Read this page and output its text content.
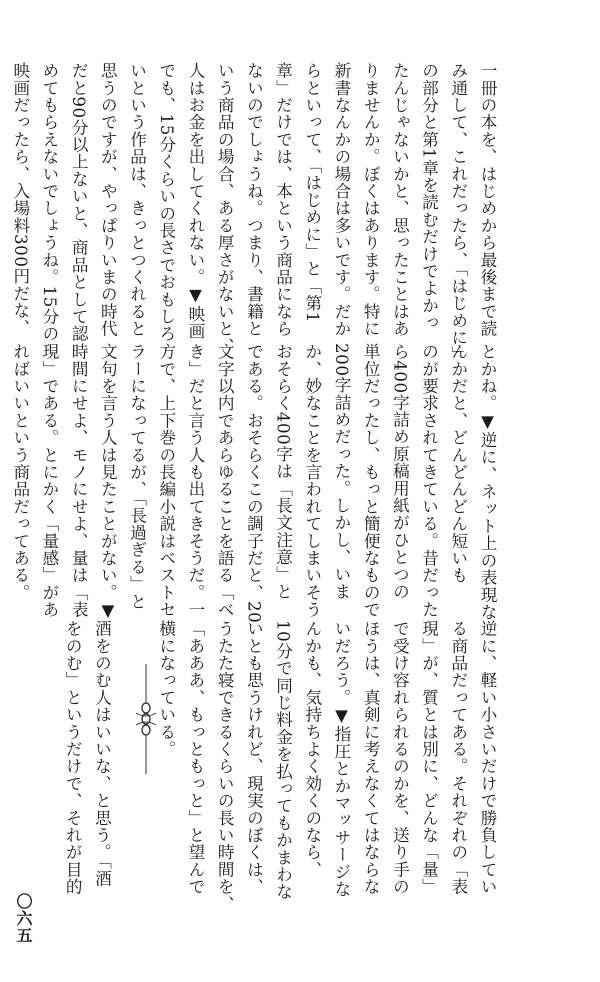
一冊の本を、はじめから最後まで読
み通して、これだったら、「はじめに」
の部分と第1章を読むだけでよかっ
たんじゃないかと、思ったことはあ
りませんか。ぼくはあります。特に
新書なんかの場合は多いです。だか
らといって、「はじめに」と「第1
章」だけでは、本という商品になら
ないのでしょうね。つまり、書籍と
いう商品の場合、ある厚さがないと、
人はお金を出してくれない。▼映画
でも、15分くらいの長さでおもしろ
いという作品は、きっとつくれると
思うのですが、やっぱりいまの時代
だと90分以上ないと、商品として認
めてもらえないでしょうね。15分の
映画だったら、入場料300円だな、
とかね。▼逆に、ネット上の表現な
んかだと、どんどんどん短いも
のが要求されてきている。昔だった
ら400字詰め原稿用紙がひとつの
単位だったし、もっと簡便なもので
200字詰めだった。しかし、いま
か、妙なことを言われてしまいそう
おそらく400字は「長文注意」と
である。おそらくこの調子だと、20
文字以内であらゆることを語る「べ
き」だと言う人も出てきそうだ。一
方で、上下巻の長編小説はベストセ
ラーになってるが、「長過ぎる」と
文句を言う人は見たことがない。▼
時間にせよ、モノにせよ、量は「表
現」である。とにかく「量感」があ
ればいいという商品だってある。
逆に、軽い小さいだけで勝負してい
る商品だってある。それぞれの「表
現」が、質とは別に、どんな「量」
で受け容れられるのかを、送り手の
ほうは、真剣に考えなくてはならな
いだろう。▼指圧とかマッサージな
んかも、気持ちよく効くのなら、
10分で同じ料金を払ってもかまわな
いとも思うけれど、現実のぼくは、
うたた寝できるくらいの長い時間を、
「あああ、もっともっと」と望んで
横になっている。
酒をのむ人はいいな、と思う。「酒
をのむ」というだけで、それが目的
〇六五
